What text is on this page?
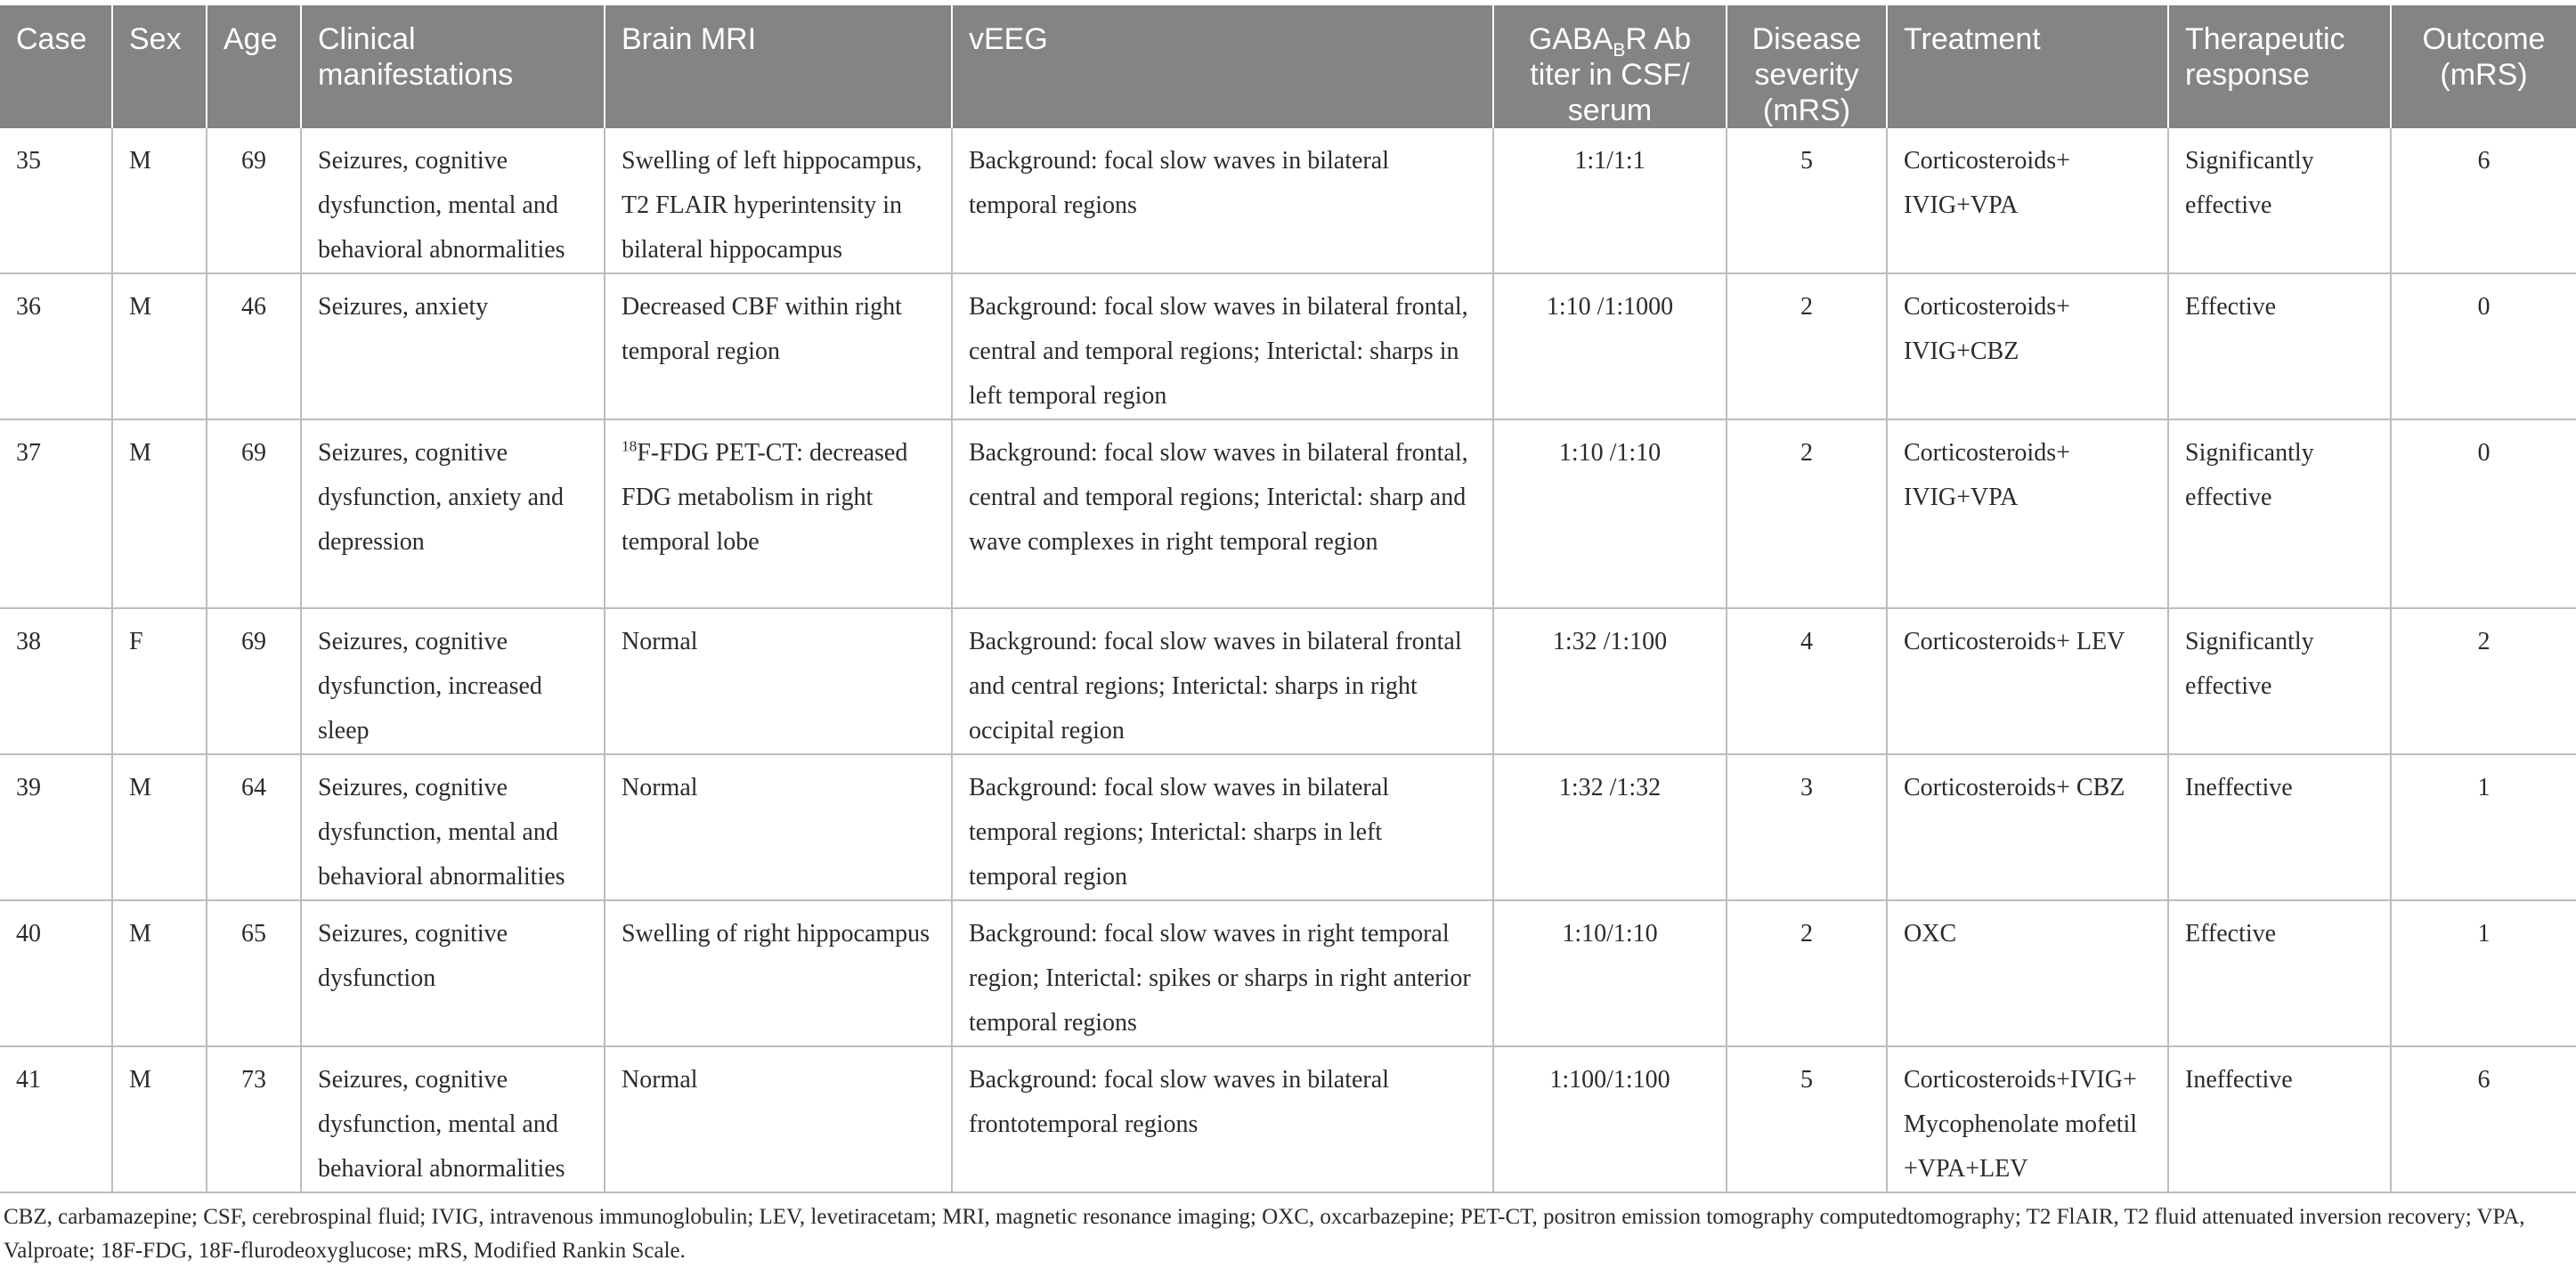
Case	Sex	Age	Clinical manifestations	Brain MRI	vEEG	$GABA_BR$ Ab titer in CSF/ serum	Disease severity (mRS)	Treatment	Therapeutic response	Outcome (mRS)
35	M	69	Seizures, cognitive dysfunction, mental and behavioral abnormalities	Swelling of left hippocampus, T2 FLAIR hyperintensity in bilateral hippocampus	Background: focal slow waves in bilateral temporal regions	1:1/1:1	5	Corticosteroids+ IVIG+VPA	Significantly effective	6
36	M	46	Seizures, anxiety	Decreased CBF within right temporal region	Background: focal slow waves in bilateral frontal, central and temporal regions; Interictal: sharps in left temporal region	1:10 /1:1000	2	Corticosteroids+ IVIG+CBZ	Effective	0
37	M	69	Seizures, cognitive dysfunction, anxiety and depression	$^{18}$F-FDG PET-CT: decreased FDG metabolism in right temporal lobe	Background: focal slow waves in bilateral frontal, central and temporal regions; Interictal: sharp and wave complexes in right temporal region	1:10 /1:10	2	Corticosteroids+ IVIG+VPA	Significantly effective	0
38	F	69	Seizures, cognitive dysfunction, increased sleep	Normal	Background: focal slow waves in bilateral frontal and central regions; Interictal: sharps in right occipital region	1:32 /1:100	4	Corticosteroids+ LEV	Significantly effective	2
39	M	64	Seizures, cognitive dysfunction, mental and behavioral abnormalities	Normal	Background: focal slow waves in bilateral temporal regions; Interictal: sharps in left temporal region	1:32 /1:32	3	Corticosteroids+ CBZ	Ineffective	1
40	M	65	Seizures, cognitive dysfunction	Swelling of right hippocampus	Background: focal slow waves in right temporal region; Interictal: spikes or sharps in right anterior temporal regions	1:10/1:10	2	OXC	Effective	1
41	M	73	Seizures, cognitive dysfunction, mental and behavioral abnormalities	Normal	Background: focal slow waves in bilateral frontotemporal regions	1:100/1:100	5	Corticosteroids+IVIG+ Mycophenolate mofetil +VPA+LEV	Ineffective	6
CBZ, carbamazepine; CSF, cerebrospinal fluid; IVIG, intravenous immunoglobulin; LEV, levetiracetam; MRI, magnetic resonance imaging; OXC, oxcarbazepine; PET-CT, positron emission tomography computedtomography; T2 FlAIR, T2 fluid attenuated inversion recovery; VPA, Valproate; 18F-FDG, 18F-flurodeoxyglucose; mRS, Modified Rankin Scale.
